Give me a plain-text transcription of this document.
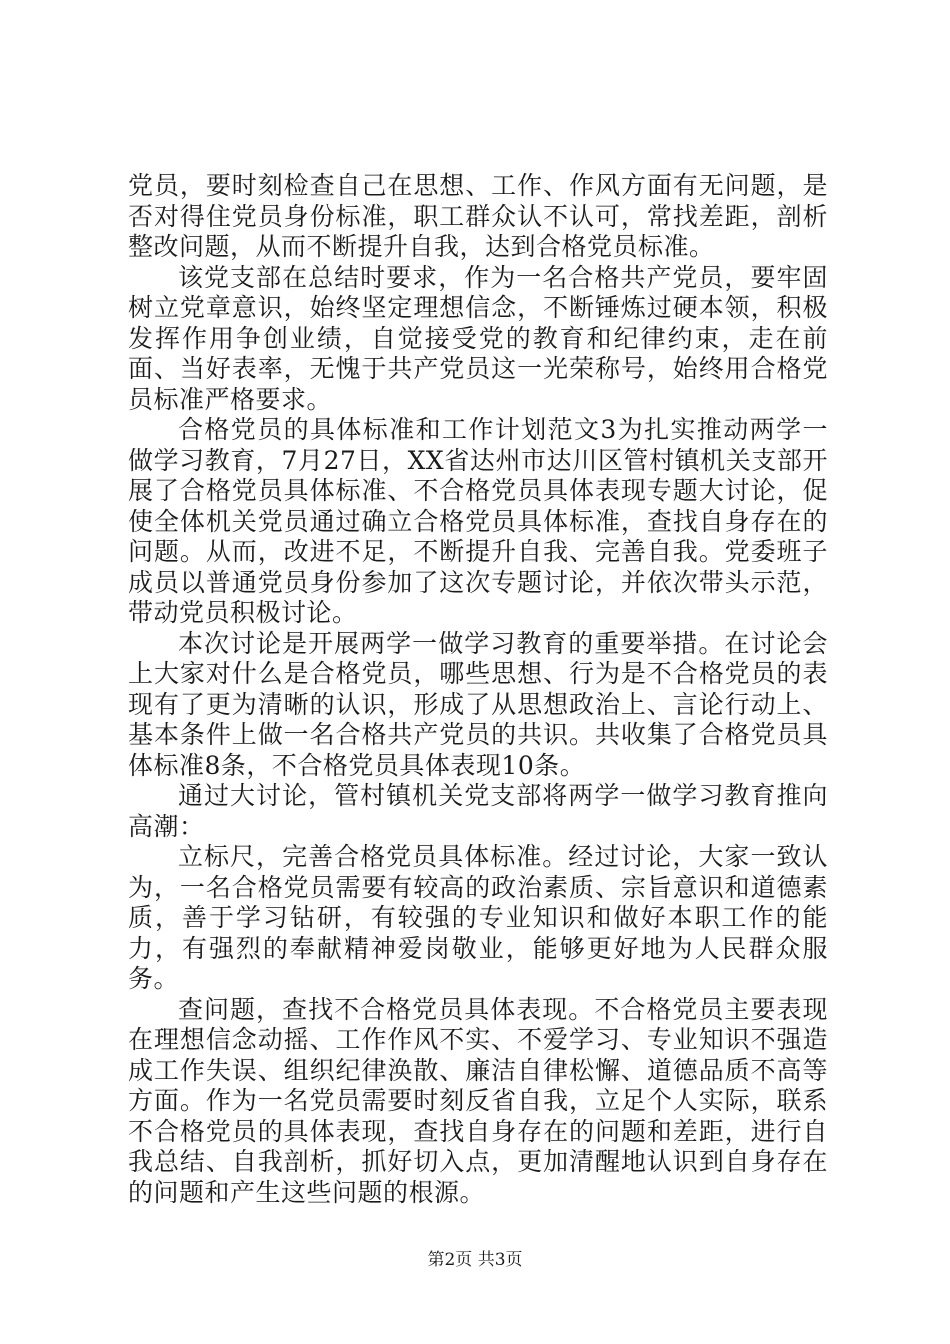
党员，要时刻检查自己在思想、工作、作风方面有无问题，是否对得住党员身份标准，职工群众认不认可，常找差距，剖析整改问题，从而不断提升自我，达到合格党员标准。

该党支部在总结时要求，作为一名合格共产党员，要牢固树立党章意识，始终坚定理想信念，不断锤炼过硬本领，积极发挥作用争创业绩，自觉接受党的教育和纪律约束，走在前面、当好表率，无愧于共产党员这一光荣称号，始终用合格党员标准严格要求。

合格党员的具体标准和工作计划范文3为扎实推动两学一做学习教育，7月27日，XX省达州市达川区管村镇机关支部开展了合格党员具体标准、不合格党员具体表现专题大讨论，促使全体机关党员通过确立合格党员具体标准，查找自身存在的问题。从而，改进不足，不断提升自我、完善自我。党委班子成员以普通党员身份参加了这次专题讨论，并依次带头示范，带动党员积极讨论。

本次讨论是开展两学一做学习教育的重要举措。在讨论会上大家对什么是合格党员，哪些思想、行为是不合格党员的表现有了更为清晰的认识，形成了从思想政治上、言论行动上、基本条件上做一名合格共产党员的共识。共收集了合格党员具体标准8条，不合格党员具体表现10条。

通过大讨论，管村镇机关党支部将两学一做学习教育推向高潮：

立标尺，完善合格党员具体标准。经过讨论，大家一致认为，一名合格党员需要有较高的政治素质、宗旨意识和道德素质，善于学习钻研，有较强的专业知识和做好本职工作的能力，有强烈的奉献精神爱岗敬业，能够更好地为人民群众服务。

查问题，查找不合格党员具体表现。不合格党员主要表现在理想信念动摇、工作作风不实、不爱学习、专业知识不强造成工作失误、组织纪律涣散、廉洁自律松懈、道德品质不高等方面。作为一名党员需要时刻反省自我，立足个人实际，联系不合格党员的具体表现，查找自身存在的问题和差距，进行自我总结、自我剖析，抓好切入点，更加清醒地认识到自身存在的问题和产生这些问题的根源。

第2页 共3页
